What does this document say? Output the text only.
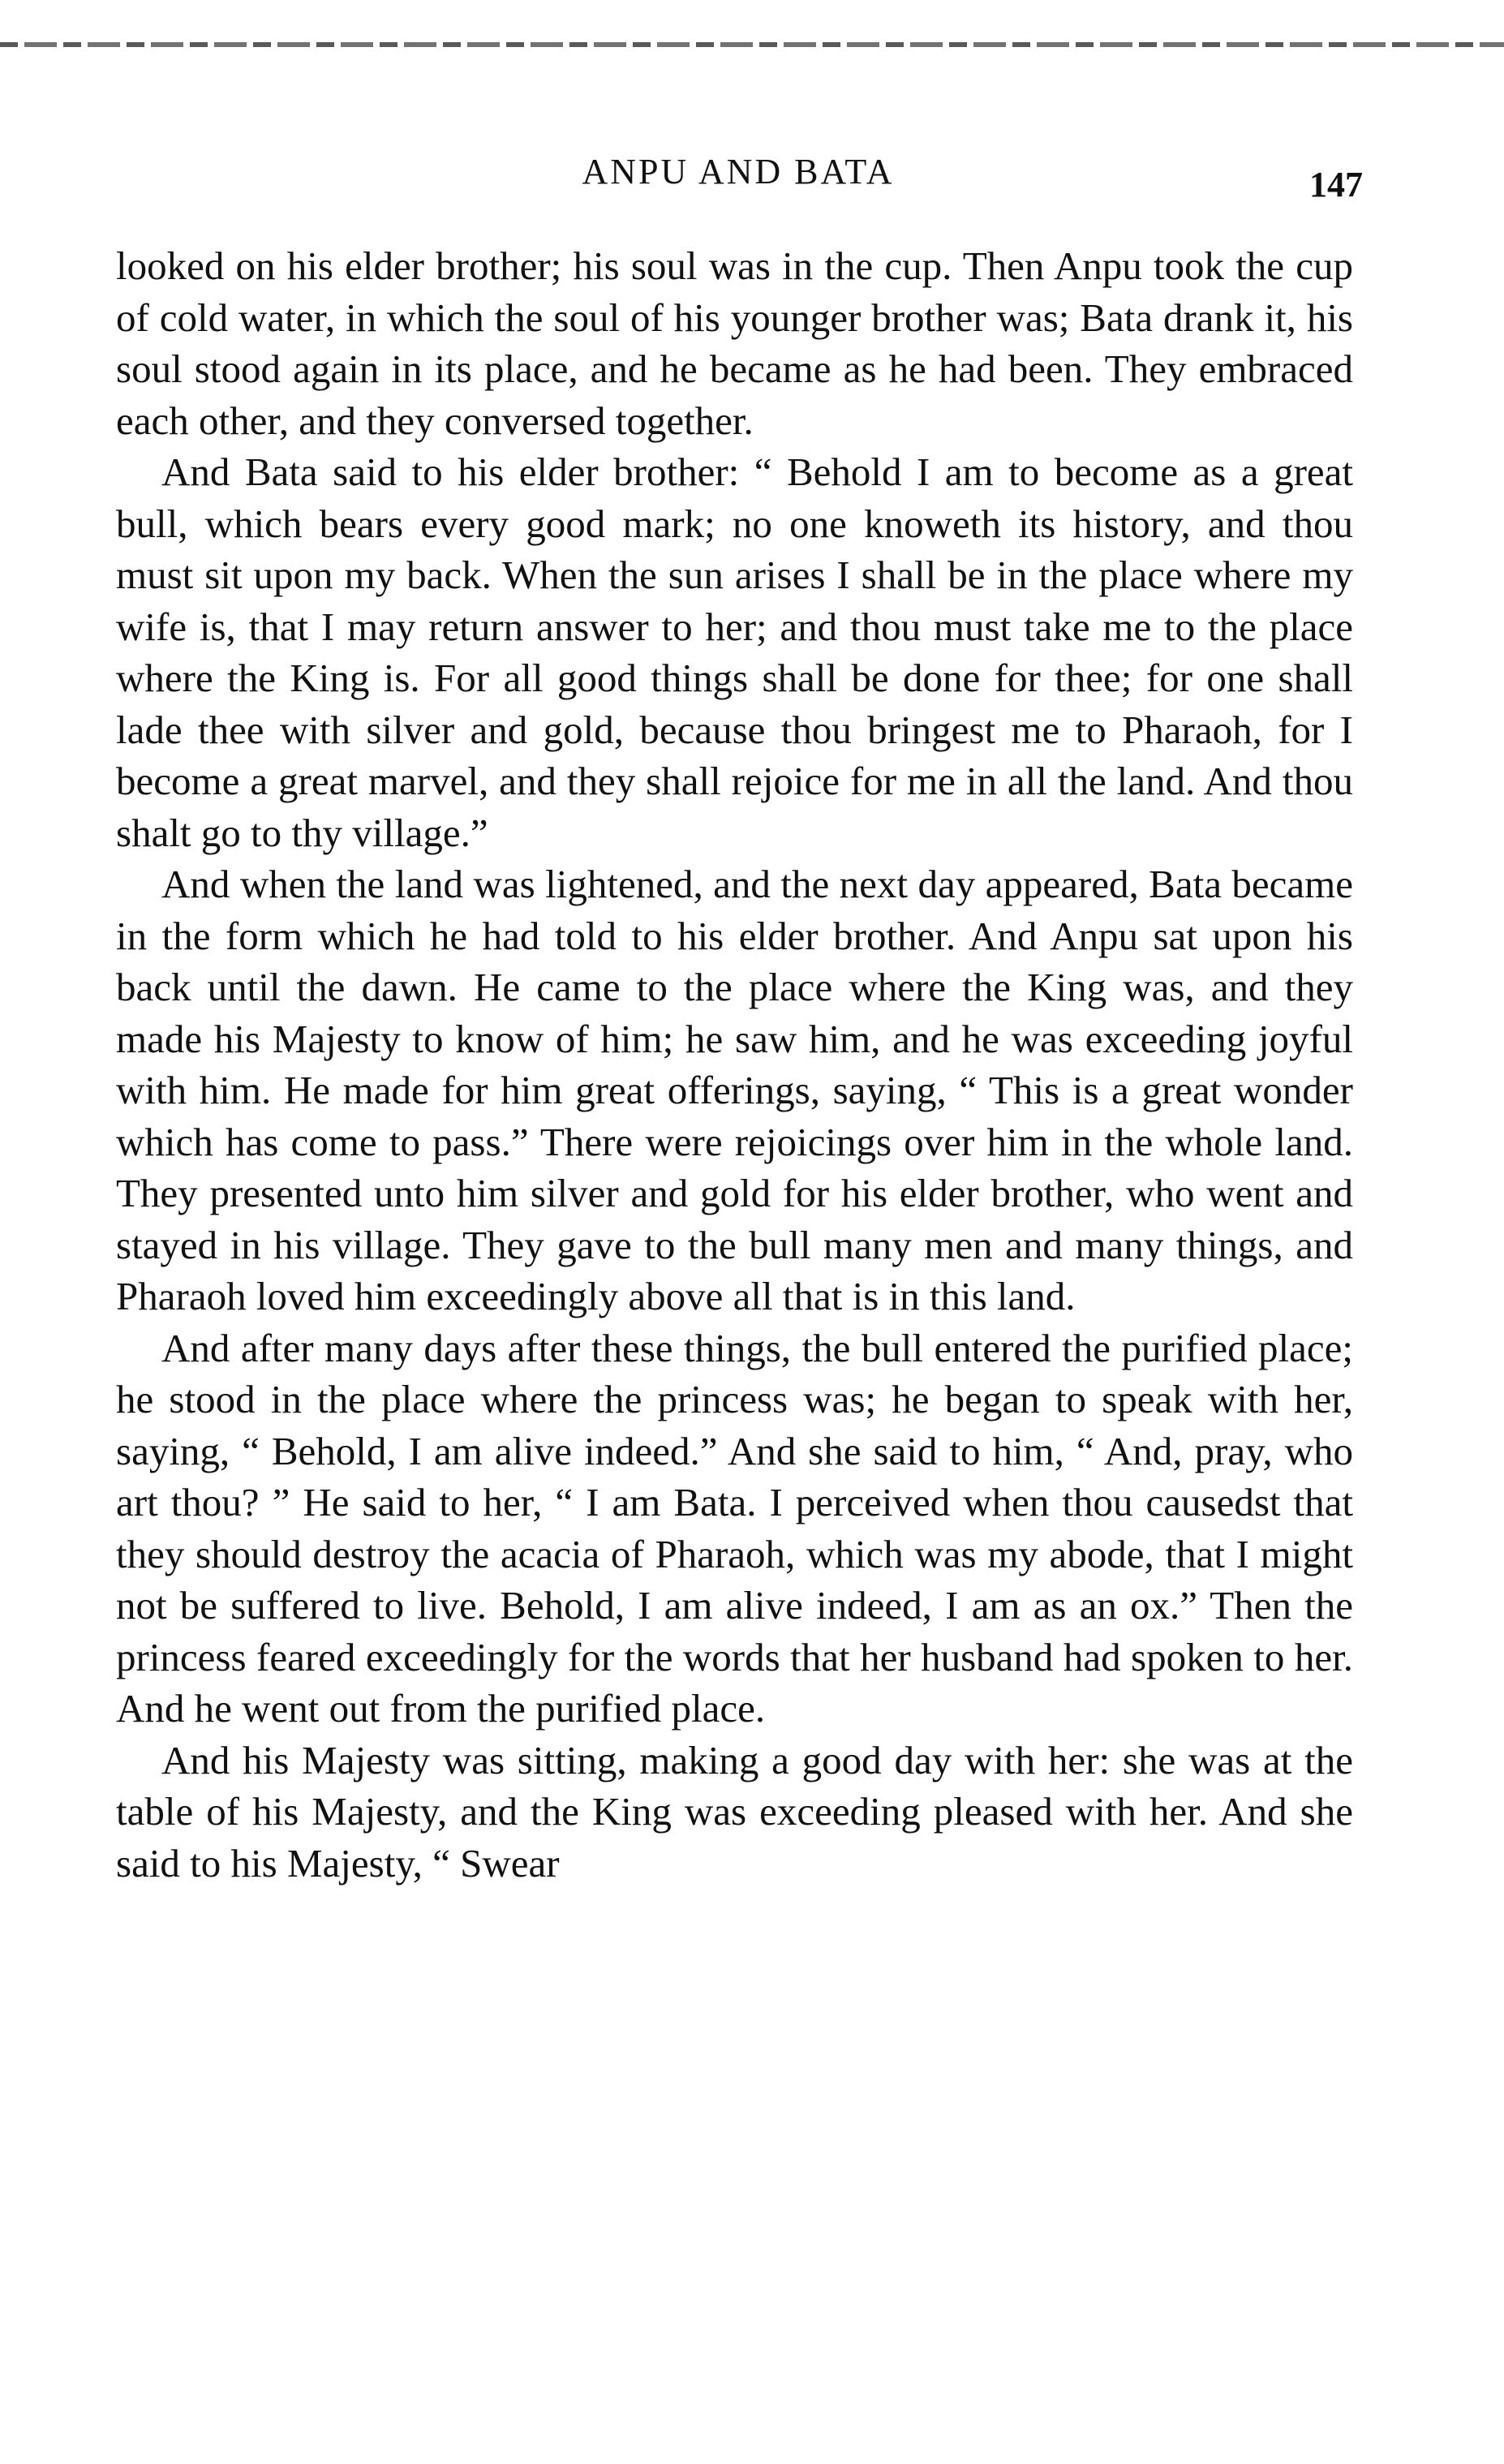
ANPU AND BATA	147

looked on his elder brother; his soul was in the cup. Then Anpu took the cup of cold water, in which the soul of his younger brother was; Bata drank it, his soul stood again in its place, and he became as he had been. They embraced each other, and they conversed together.

And Bata said to his elder brother: “ Behold I am to become as a great bull, which bears every good mark; no one knoweth its history, and thou must sit upon my back. When the sun arises I shall be in the place where my wife is, that I may return answer to her; and thou must take me to the place where the King is. For all good things shall be done for thee; for one shall lade thee with silver and gold, because thou bringest me to Pharaoh, for I become a great marvel, and they shall rejoice for me in all the land. And thou shalt go to thy village.”

And when the land was lightened, and the next day appeared, Bata became in the form which he had told to his elder brother. And Anpu sat upon his back until the dawn. He came to the place where the King was, and they made his Majesty to know of him; he saw him, and he was exceeding joyful with him. He made for him great offerings, saying, “ This is a great wonder which has come to pass.” There were rejoicings over him in the whole land. They presented unto him silver and gold for his elder brother, who went and stayed in his village. They gave to the bull many men and many things, and Pharaoh loved him exceedingly above all that is in this land.

And after many days after these things, the bull entered the purified place; he stood in the place where the princess was; he began to speak with her, saying, “ Behold, I am alive indeed.” And she said to him, “ And, pray, who art thou? ” He said to her, “ I am Bata. I perceived when thou causedst that they should destroy the acacia of Pharaoh, which was my abode, that I might not be suffered to live. Behold, I am alive indeed, I am as an ox.” Then the princess feared exceedingly for the words that her husband had spoken to her. And he went out from the purified place.

And his Majesty was sitting, making a good day with her: she was at the table of his Majesty, and the King was exceeding pleased with her. And she said to his Majesty, “ Swear
